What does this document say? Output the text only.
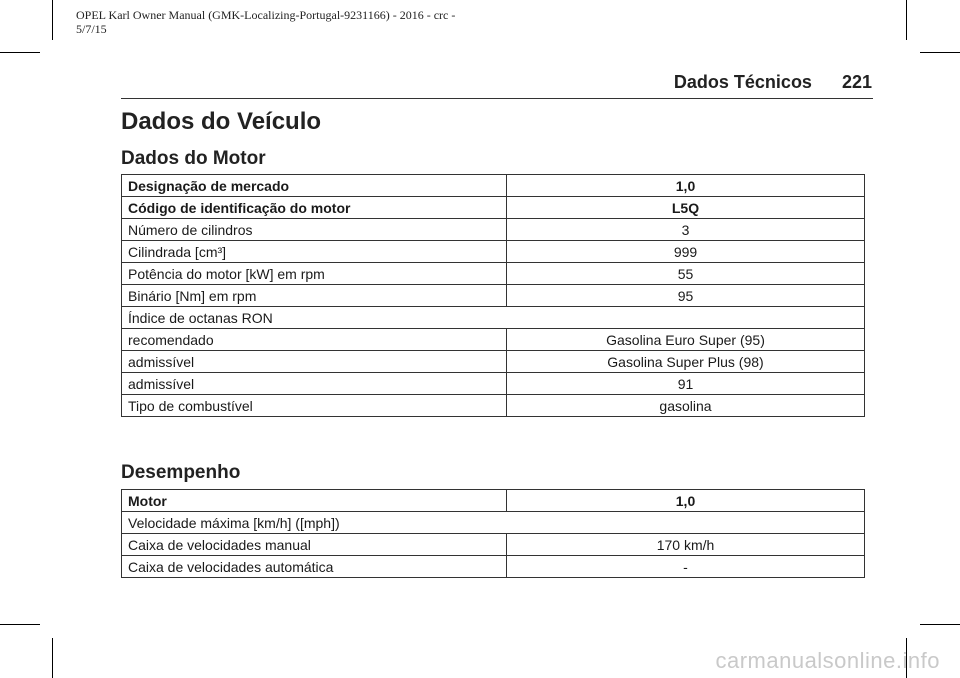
OPEL Karl Owner Manual (GMK-Localizing-Portugal-9231166) - 2016 - crc -
5/7/15
Dados Técnicos 221
Dados do Veículo
Dados do Motor
Designação de mercado	1,0
Código de identificação do motor	L5Q
Número de cilindros	3
Cilindrada [cm³]	999
Potência do motor [kW] em rpm	55
Binário [Nm] em rpm	95
Índice de octanas RON	
recomendado	Gasolina Euro Super (95)
admissível	Gasolina Super Plus (98)
admissível	91
Tipo de combustível	gasolina
Desempenho
Motor	1,0
Velocidade máxima [km/h] ([mph])	
Caixa de velocidades manual	170 km/h
Caixa de velocidades automática	-
carmanualsonline.info
